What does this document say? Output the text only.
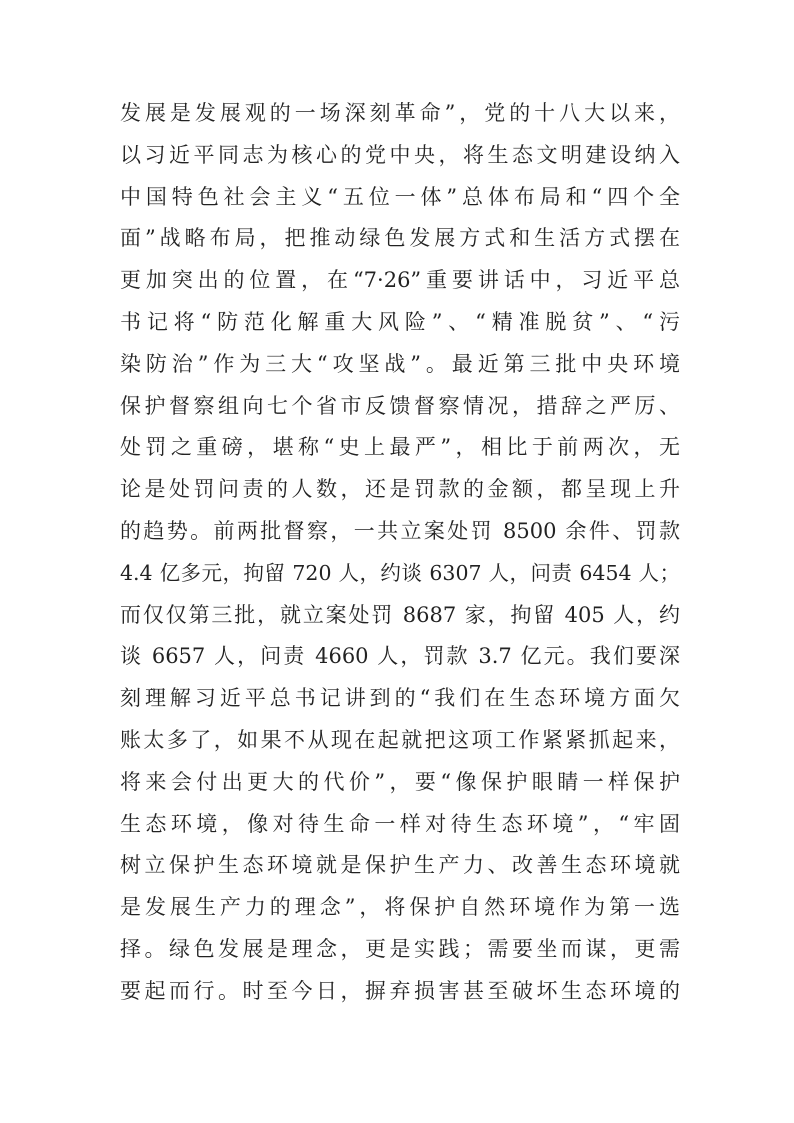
发展是发展观的一场深刻革命”，党的十八大以来，
以习近平同志为核心的党中央，将生态文明建设纳入
中国特色社会主义“五位一体”总体布局和“四个全
面”战略布局，把推动绿色发展方式和生活方式摆在
更加突出的位置，在“7·26”重要讲话中，习近平总
书记将“防范化解重大风险”、“精准脱贫”、“污
染防治”作为三大“攻坚战”。最近第三批中央环境
保护督察组向七个省市反馈督察情况，措辞之严厉、
处罚之重磅，堪称“史上最严”，相比于前两次，无
论是处罚问责的人数，还是罚款的金额，都呈现上升
的趋势。前两批督察，一共立案处罚 8500 余件、罚款
4.4 亿多元，拘留 720 人，约谈 6307 人，问责 6454 人；
而仅仅第三批，就立案处罚 8687 家，拘留 405 人，约
谈 6657 人，问责 4660 人，罚款 3.7 亿元。我们要深
刻理解习近平总书记讲到的“我们在生态环境方面欠
账太多了，如果不从现在起就把这项工作紧紧抓起来，
将来会付出更大的代价”，要“像保护眼睛一样保护
生态环境，像对待生命一样对待生态环境”，“牢固
树立保护生态环境就是保护生产力、改善生态环境就
是发展生产力的理念”，将保护自然环境作为第一选
择。绿色发展是理念，更是实践；需要坐而谋，更需
要起而行。时至今日，摒弃损害甚至破坏生态环境的
